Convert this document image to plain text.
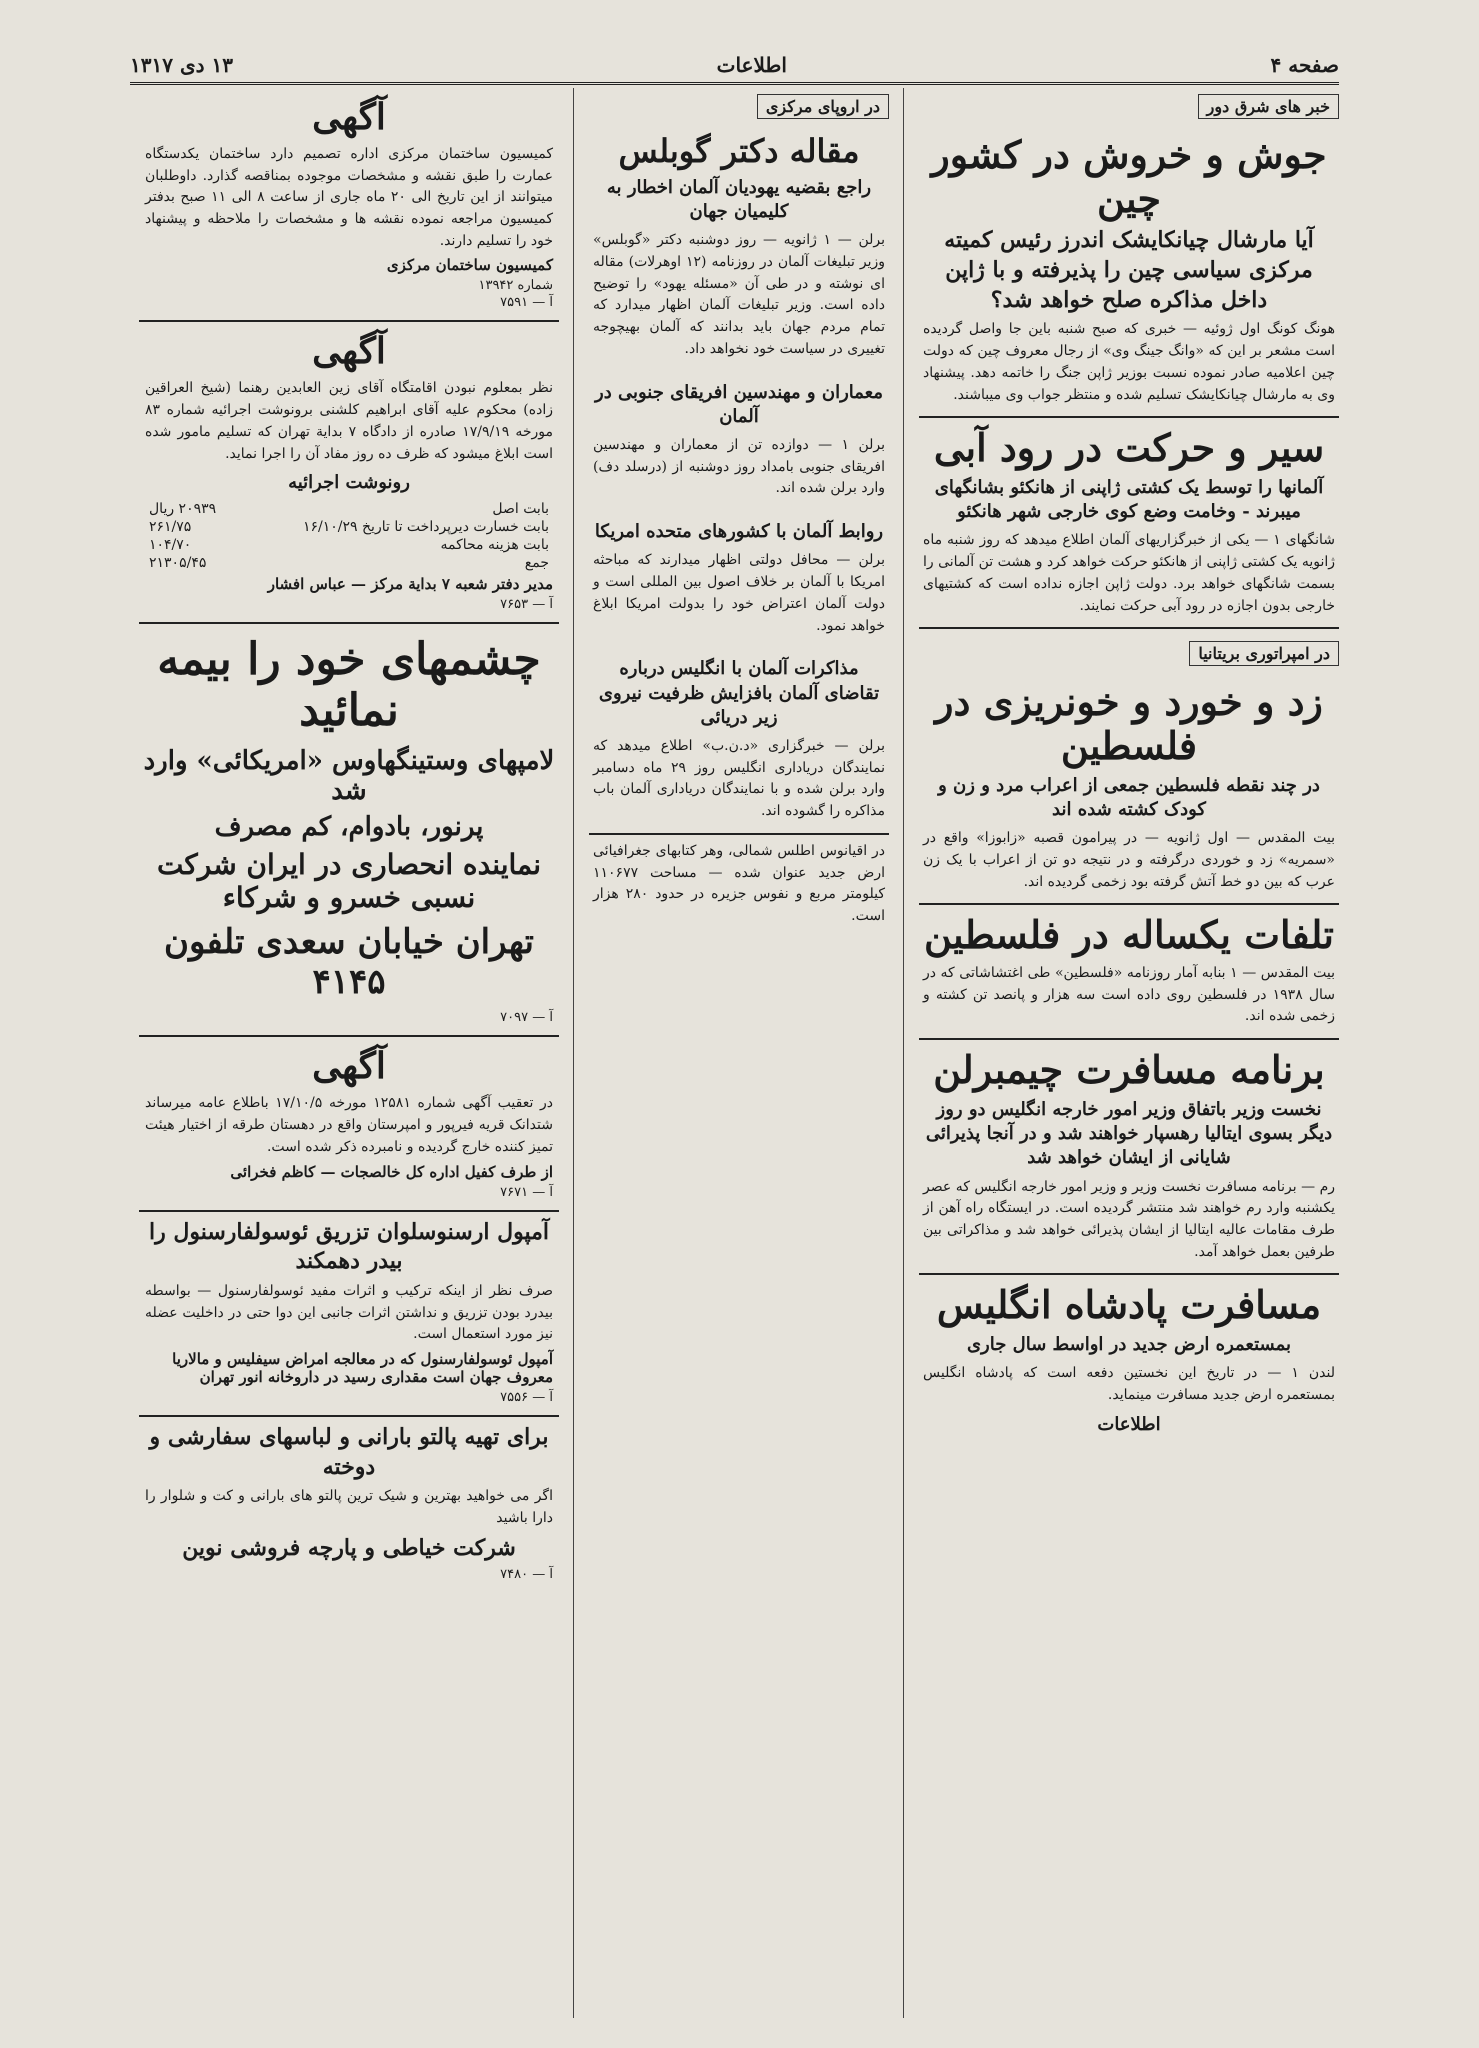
صفحه ۴
اطلاعات
۱۳ دی ۱۳۱۷
خبر های شرق دور
جوش و خروش در کشور چین
آیا مارشال چیانکایشک اندرز رئیس کمیته مرکزی سیاسی چین را پذیرفته و با ژاپن داخل مذاکره صلح خواهد شد؟
هونگ کونگ اول ژوئیه — خبری که صبح شنبه باین جا واصل گردیده است مشعر بر این که «وانگ جینگ وی» از رجال معروف چین که دولت چین اعلامیه صادر نموده نسبت بوزیر ژاپن جنگ را خاتمه دهد. پیشنهاد وی به مارشال چیانکایشک تسلیم شده و منتظر جواب وی میباشند.
سیر و حرکت در رود آبی
آلمانها را توسط یک کشتی ژاپنی از هانکئو بشانگهای میبرند - وخامت وضع کوی خارجی شهر هانکئو
شانگهای ۱ — یکی از خبرگزاریهای آلمان اطلاع میدهد که روز شنبه ماه ژانویه یک کشتی ژاپنی از هانکئو حرکت خواهد کرد و هشت تن آلمانی را بسمت شانگهای خواهد برد. دولت ژاپن اجازه نداده است که کشتیهای خارجی بدون اجازه در رود آبی حرکت نمایند.
در امپراتوری بریتانیا
زد و خورد و خونریزی در فلسطین
در چند نقطه فلسطین جمعی از اعراب مرد و زن و کودک کشته شده اند
بیت المقدس — اول ژانویه — در پیرامون قصبه «زابوزا» واقع در «سمریه» زد و خوردی درگرفته و در نتیجه دو تن از اعراب با یک زن عرب که بین دو خط آتش گرفته بود زخمی گردیده اند.
تلفات یکساله در فلسطین
بیت المقدس — ۱ بنابه آمار روزنامه «فلسطین» طی اغتشاشاتی که در سال ۱۹۳۸ در فلسطین روی داده است سه هزار و پانصد تن کشته و زخمی شده اند.
برنامه مسافرت چیمبرلن
نخست وزیر باتفاق وزیر امور خارجه انگلیس دو روز دیگر بسوی ایتالیا رهسپار خواهند شد و در آنجا پذیرائی شایانی از ایشان خواهد شد
رم — برنامه مسافرت نخست وزیر و وزیر امور خارجه انگلیس که عصر یکشنبه وارد رم خواهند شد منتشر گردیده است. در ایستگاه راه آهن از طرف مقامات عالیه ایتالیا از ایشان پذیرائی خواهد شد و مذاکراتی بین طرفین بعمل خواهد آمد.
مسافرت پادشاه انگلیس
بمستعمره ارض جدید در اواسط سال جاری
لندن ۱ — در تاریخ این نخستین دفعه است که پادشاه انگلیس بمستعمره ارض جدید مسافرت مینماید.
اطلاعات
در اروپای مرکزی
مقاله دکتر گوبلس
راجع بقضیه یهودیان آلمان اخطار به کلیمیان جهان
برلن — ۱ ژانویه — روز دوشنبه دکتر «گوبلس» وزیر تبلیغات آلمان در روزنامه (۱۲ اوهرلات) مقاله ای نوشته و در طی آن «مسئله یهود» را توضیح داده است. وزیر تبلیغات آلمان اظهار میدارد که تمام مردم جهان باید بدانند که آلمان بهیچوجه تغییری در سیاست خود نخواهد داد.
معماران و مهندسین افریقای جنوبی در آلمان
برلن ۱ — دوازده تن از معماران و مهندسین افریقای جنوبی بامداد روز دوشنبه از (درسلد دف) وارد برلن شده اند.
روابط آلمان با کشورهای متحده امریکا
برلن — محافل دولتی اظهار میدارند که مباحثه امریکا با آلمان بر خلاف اصول بین المللی است و دولت آلمان اعتراض خود را بدولت امریکا ابلاغ خواهد نمود.
مذاکرات آلمان با انگلیس درباره تقاضای آلمان بافزایش ظرفیت نیروی زیر دریائی
برلن — خبرگزاری «د.ن.ب» اطلاع میدهد که نمایندگان دریاداری انگلیس روز ۲۹ ماه دسامبر وارد برلن شده و با نمایندگان دریاداری آلمان باب مذاکره را گشوده اند.
در اقیانوس اطلس شمالی، وهر کتابهای جغرافیائی ارض جدید عنوان شده — مساحت ۱۱۰۶۷۷ کیلومتر مربع و نفوس جزیره در حدود ۲۸۰ هزار است.
آگهی
کمیسیون ساختمان مرکزی اداره تصمیم دارد ساختمان یکدستگاه عمارت را طبق نقشه و مشخصات موجوده بمناقصه گذارد. داوطلبان میتوانند از این تاریخ الی ۲۰ ماه جاری از ساعت ۸ الی ۱۱ صبح بدفتر کمیسیون مراجعه نموده نقشه ها و مشخصات را ملاحظه و پیشنهاد خود را تسلیم دارند.
کمیسیون ساختمان مرکزی
شماره ۱۳۹۴۲
آ — ۷۵۹۱
آگهی
نظر بمعلوم نبودن اقامتگاه آقای زین العابدین رهنما (شیخ العراقین زاده) محکوم علیه آقای ابراهیم کلشنی برونوشت اجرائیه شماره ۸۳ مورخه ۱۷/۹/۱۹ صادره از دادگاه ۷ بداية تهران که تسلیم مامور شده است ابلاغ میشود که ظرف ده روز مفاد آن را اجرا نماید.
رونوشت اجرائیه
بابت اصل
۲۰۹۳۹ ریال
بابت خسارت دیرپرداخت تا تاریخ ۱۶/۱۰/۲۹
۲۶۱/۷۵
بابت هزینه محاکمه
۱۰۴/۷۰
جمع
۲۱۳۰۵/۴۵
مدیر دفتر شعبه ۷ بداية مرکز — عباس افشار
آ — ۷۶۵۳
چشمهای خود را بیمه نمائید
لامپهای وستینگهاوس «امریکائی» وارد شد
پرنور، بادوام، کم مصرف
نماینده انحصاری در ایران شرکت نسبی خسرو و شرکاء
تهران خیابان سعدی تلفون ۴۱۴۵
آ — ۷۰۹۷
آگهی
در تعقیب آگهی شماره ۱۲۵۸۱ مورخه ۱۷/۱۰/۵ باطلاع عامه میرساند شتدانک قریه فیرپور و امپرستان واقع در دهستان طرقه از اختیار هیئت تمیز کننده خارج گردیده و نامبرده ذکر شده است.
از طرف کفیل اداره کل خالصجات — کاظم فخرائی
آ — ۷۶۷۱
آمپول ارسنوسلوان تزریق ئوسولفارسنول را بیدر دهمکند
صرف نظر از اینکه ترکیب و اثرات مفید ئوسولفارسنول — بواسطه بیدرد بودن تزریق و نداشتن اثرات جانبی این دوا حتی در داخلیت عضله نیز مورد استعمال است.
آمپول ئوسولفارسنول که در معالجه امراض سیفلیس و مالاریا معروف جهان است مقداری رسید در داروخانه انور تهران
آ — ۷۵۵۶
برای تهیه پالتو بارانی و لباسهای سفارشی و دوخته
اگر می خواهید بهترین و شیک ترین پالتو های بارانی و کت و شلوار را دارا باشید
شرکت خیاطی و پارچه فروشی نوین
آ — ۷۴۸۰
